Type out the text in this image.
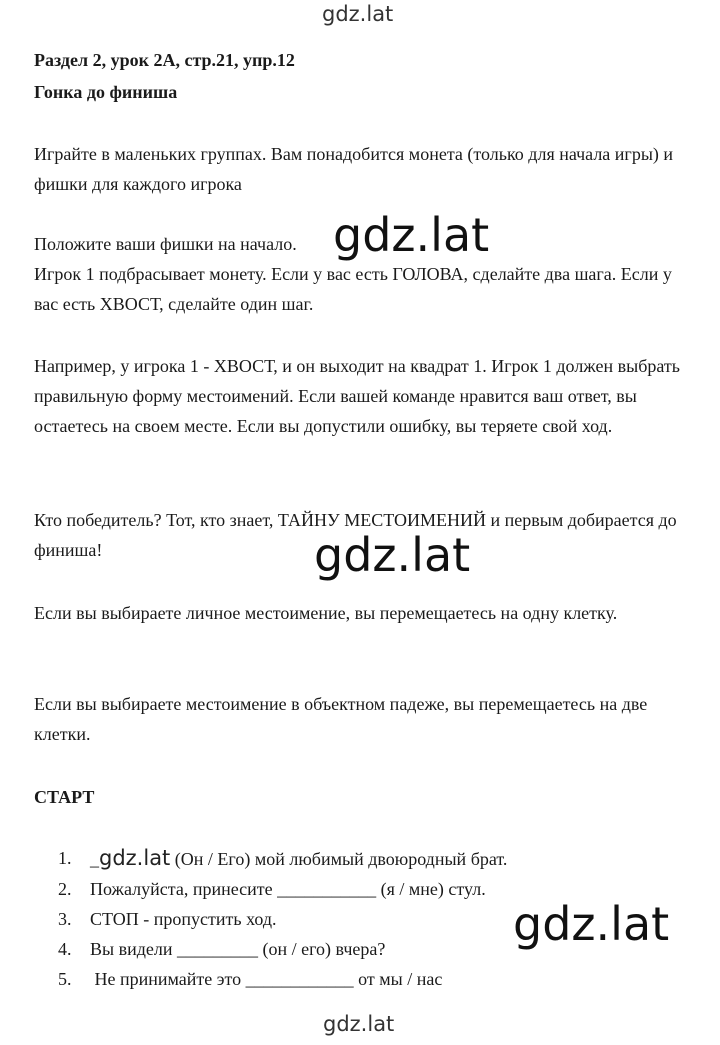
gdz.lat

Раздел 2, урок 2А, стр.21, упр.12

Гонка до финиша

Играйте в маленьких группах. Вам понадобится монета (только для начала игры) и фишки для каждого игрока

Положите ваши фишки на начало.

Игрок 1 подбрасывает монету. Если у вас есть ГОЛОВА, сделайте два шага. Если у вас есть ХВОСТ, сделайте один шаг.

Например, у игрока 1 - ХВОСТ, и он выходит на квадрат 1. Игрок 1 должен выбрать правильную форму местоимений. Если вашей команде нравится ваш ответ, вы остаетесь на своем месте. Если вы допустили ошибку, вы теряете свой ход.

Кто победитель? Тот, кто знает, ТАЙНУ МЕСТОИМЕНИЙ и первым добирается до финиша!

Если вы выбираете личное местоимение, вы перемещаетесь на одну клетку.

Если вы выбираете местоимение в объектном падеже, вы перемещаетесь на две клетки.

СТАРТ
1.	_gdz.lat (Он / Его) мой любимый двоюродный брат.
2.	Пожалуйста, принесите ___________ (я / мне) стул.
3.	СТОП - пропустить ход.
4.	Вы видели _________ (он / его) вчера?
5.	Не принимайте это ____________ от мы / нас
gdz.lat
gdz.lat
gdz.lat
gdz.lat
